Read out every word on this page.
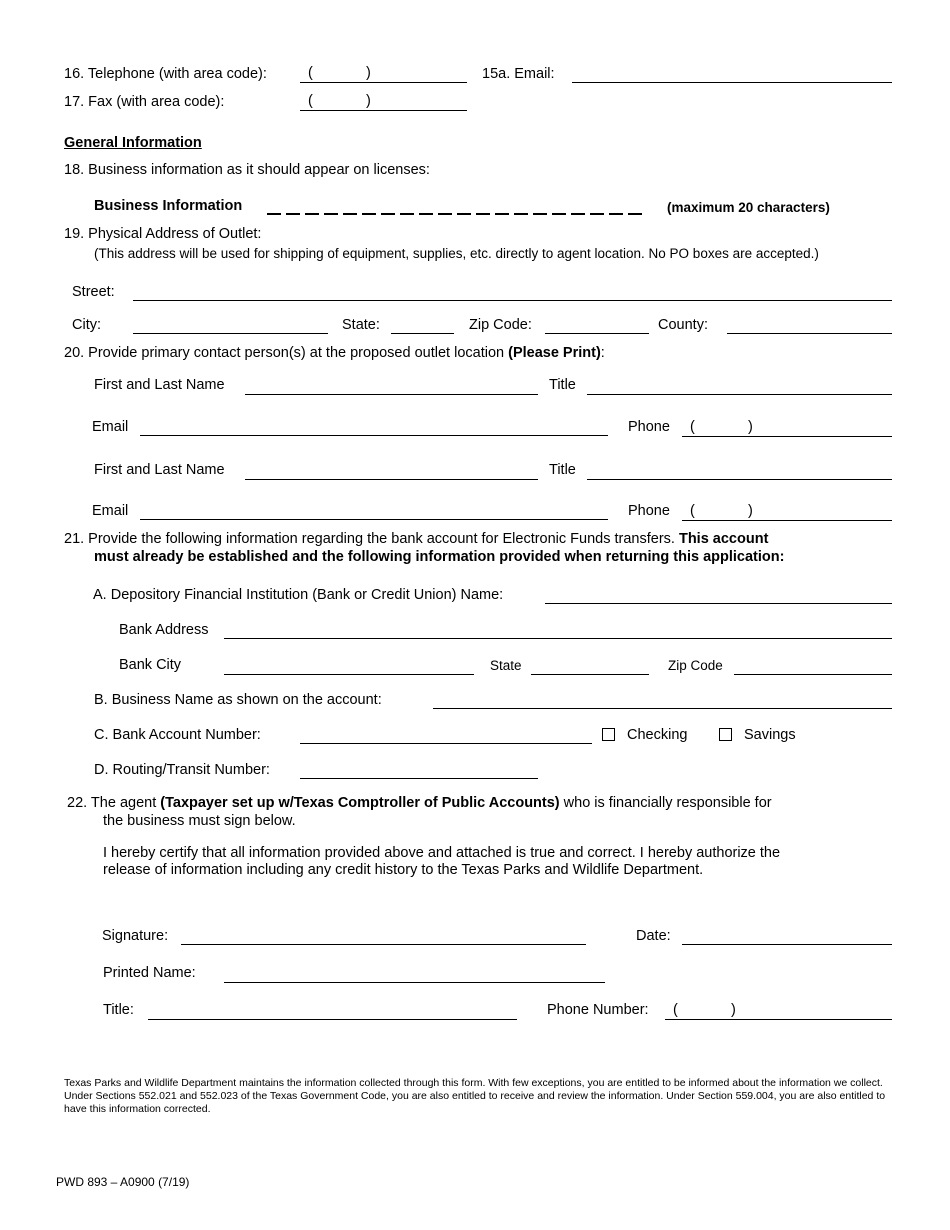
16. Telephone (with area code):	(	)	15a. Email:
17. Fax (with area code):	(	)
General Information
18. Business information as it should appear on licenses:
Business Information	(maximum 20 characters)
19. Physical Address of Outlet:
(This address will be used for shipping of equipment, supplies, etc. directly to agent location. No PO boxes are accepted.)
Street:
City:	State:	Zip Code:	County:
20. Provide primary contact person(s) at the proposed outlet location (Please Print):
First and Last Name	Title
Email	Phone (	)
First and Last Name	Title
Email	Phone (	)
21. Provide the following information regarding the bank account for Electronic Funds transfers. This account
must already be established and the following information provided when returning this application:
A. Depository Financial Institution (Bank or Credit Union) Name:
Bank Address
Bank City	State	Zip Code
B. Business Name as shown on the account:
C. Bank Account Number:	Checking	Savings
D. Routing/Transit Number:
22. The agent (Taxpayer set up w/Texas Comptroller of Public Accounts) who is financially responsible for
the business must sign below.
I hereby certify that all information provided above and attached is true and correct. I hereby authorize the
release of information including any credit history to the Texas Parks and Wildlife Department.
Signature:	Date:
Printed Name:
Title:	Phone Number: (	)
Texas Parks and Wildlife Department maintains the information collected through this form. With few exceptions, you are entitled to be informed about the information we collect. Under Sections 552.021 and 552.023 of the Texas Government Code, you are also entitled to receive and review the information. Under Section 559.004, you are also entitled to have this information corrected.
PWD 893 – A0900 (7/19)
